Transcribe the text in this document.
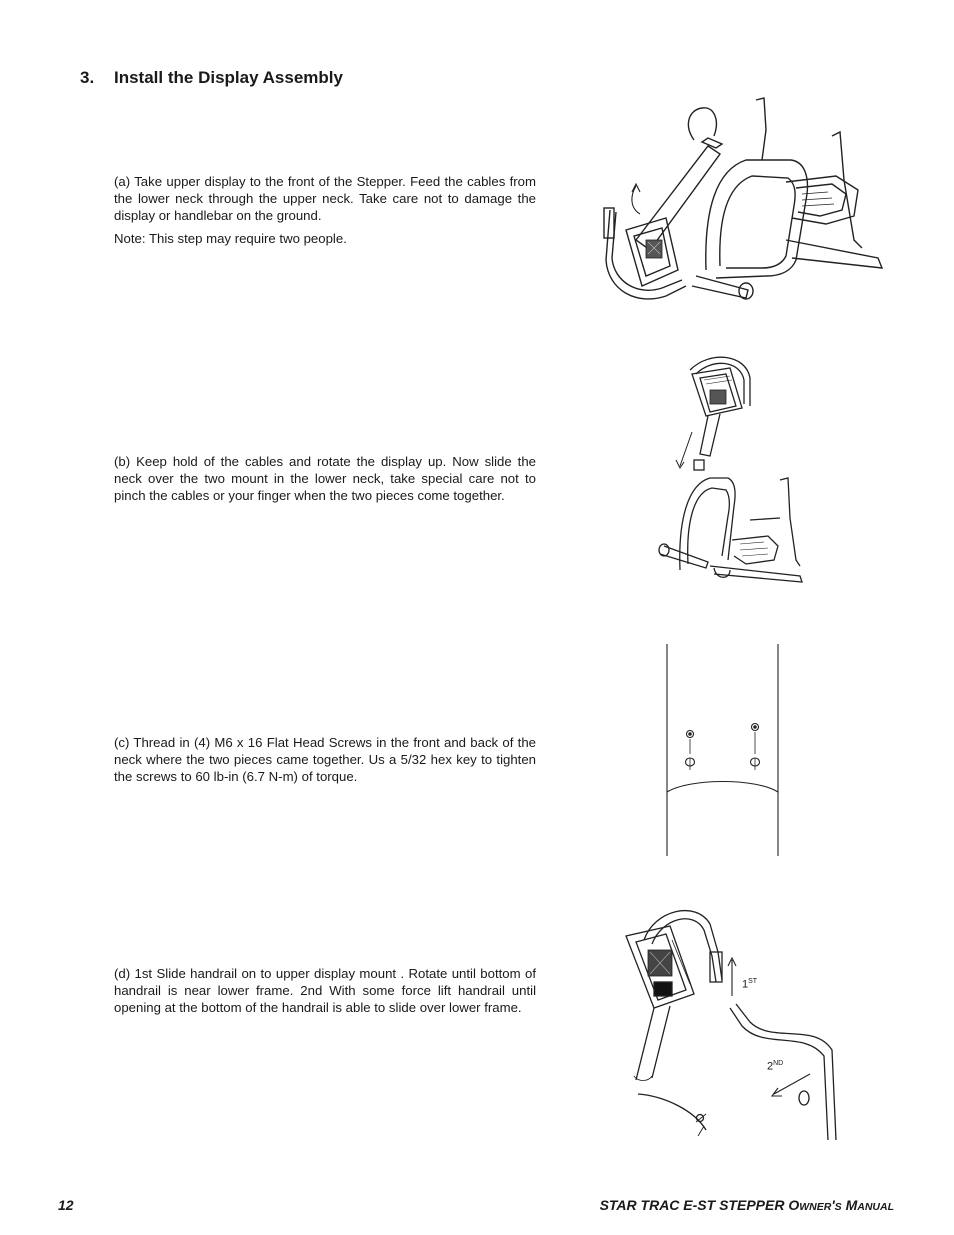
3. Install the Display Assembly
(a) Take upper display to the front of the Stepper. Feed the cables from the lower neck through the upper neck. Take care not to damage the display or handlebar on the ground.
Note: This step may require two people.
(b) Keep hold of the cables and rotate the display up. Now slide the neck over the two mount in the lower neck, take special care not to pinch the cables or your finger when the two pieces come together.
(c) Thread in (4) M6 x 16 Flat Head Screws in the front and back of the neck where the two pieces came together. Us a 5/32 hex key to tighten the screws to 60 lb-in (6.7 N-m) of torque.
(d) 1st Slide handrail on to upper display mount . Rotate until bottom of handrail is near lower frame. 2nd With some force lift handrail until opening at the bottom of the handrail is able to slide over lower frame.
1ST
2ND
12	STAR TRAC E-ST STEPPER OWNER'S MANUAL
